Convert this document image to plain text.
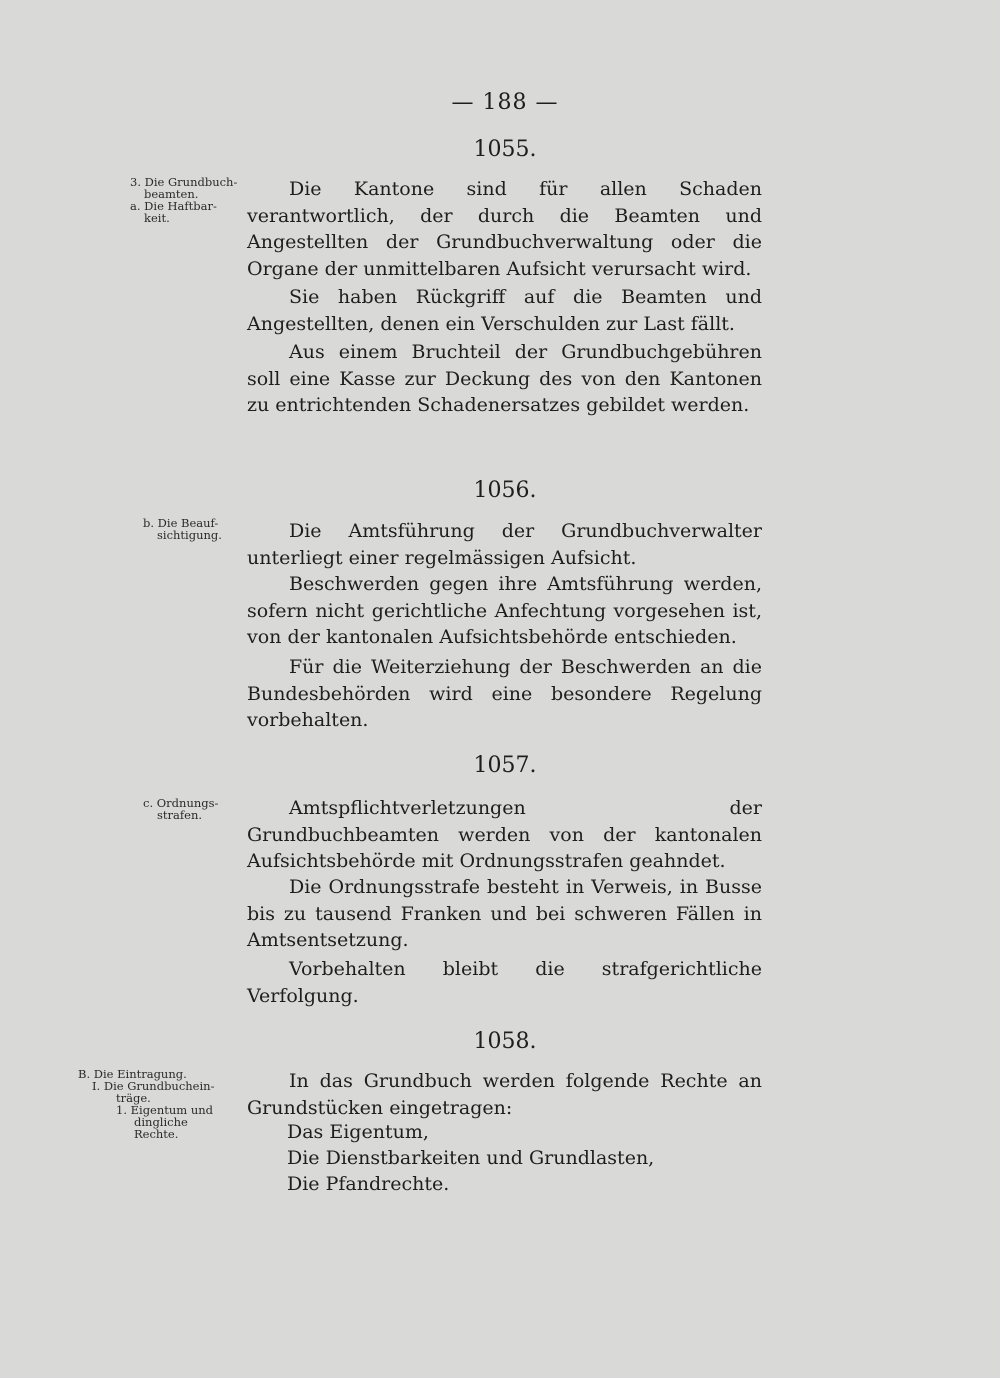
— 188 —
1055.
3. Die Grundbuch-
beamten.
a. Die Haftbar-
keit.
Die Kantone sind für allen Schaden verantwortlich, der durch die Beamten und Angestellten der Grundbuchverwaltung oder die Organe der unmittelbaren Aufsicht verursacht wird.
Sie haben Rückgriff auf die Beamten und Angestellten, denen ein Verschulden zur Last fällt.
Aus einem Bruchteil der Grundbuchgebühren soll eine Kasse zur Deckung des von den Kantonen zu entrichtenden Schadenersatzes gebildet werden.
1056.
b. Die Beauf-
sichtigung.	Die Amtsführung der Grundbuchverwalter unterliegt einer regelmässigen Aufsicht.
Beschwerden gegen ihre Amtsführung werden, sofern nicht gerichtliche Anfechtung vorgesehen ist, von der kantonalen Aufsichtsbehörde entschieden.
Für die Weiterziehung der Beschwerden an die Bundesbehörden wird eine besondere Regelung vorbehalten.
1057.
c. Ordnungs-
strafen.	Amtspflichtverletzungen der Grundbuchbeamten werden von der kantonalen Aufsichtsbehörde mit Ordnungsstrafen geahndet.
Die Ordnungsstrafe besteht in Verweis, in Busse bis zu tausend Franken und bei schweren Fällen in Amtsentsetzung.
Vorbehalten bleibt die strafgerichtliche Verfolgung.
1058.
B. Die Eintragung.
I. Die Grundbuchein-
träge.
1. Eigentum und
dingliche
Rechte.
In das Grundbuch werden folgende Rechte an Grundstücken eingetragen:
Das Eigentum,
Die Dienstbarkeiten und Grundlasten,
Die Pfandrechte.
